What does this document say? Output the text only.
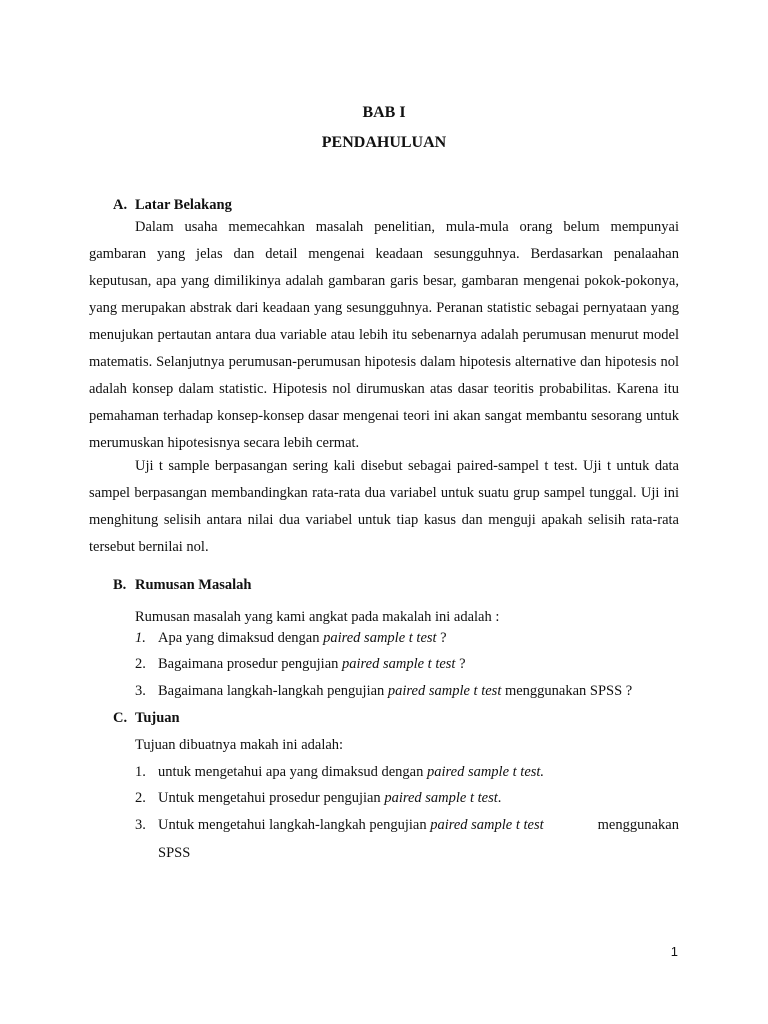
BAB I
PENDAHULUAN
A. Latar Belakang

Dalam usaha memecahkan masalah penelitian, mula-mula orang belum mempunyai gambaran yang jelas dan detail mengenai keadaan sesungguhnya. Berdasarkan penalaahan keputusan, apa yang dimilikinya adalah gambaran garis besar, gambaran mengenai pokok-pokonya, yang merupakan abstrak dari keadaan yang sesungguhnya. Peranan statistic sebagai pernyataan yang menujukan pertautan antara dua variable atau lebih itu sebenarnya adalah perumusan menurut model matematis. Selanjutnya perumusan-perumusan hipotesis dalam hipotesis alternative dan hipotesis nol adalah konsep dalam statistic. Hipotesis nol dirumuskan atas dasar teoritis probabilitas. Karena itu pemahaman terhadap konsep-konsep dasar mengenai teori ini akan sangat membantu sesorang untuk merumuskan hipotesisnya secara lebih cermat.

Uji t sample berpasangan sering kali disebut sebagai paired-sampel t test. Uji t untuk data sampel berpasangan membandingkan rata-rata dua variabel untuk suatu grup sampel tunggal. Uji ini menghitung selisih antara nilai dua variabel untuk tiap kasus dan menguji apakah selisih rata-rata tersebut bernilai nol.

B. Rumusan Masalah
Rumusan masalah yang kami angkat pada makalah ini adalah :
1. Apa yang dimaksud dengan paired sample t test ?
2. Bagaimana prosedur pengujian paired sample t test ?
3. Bagaimana langkah-langkah pengujian paired sample t test menggunakan SPSS ?
C. Tujuan
Tujuan dibuatnya makah ini adalah:
1. untuk mengetahui apa yang dimaksud dengan paired sample t test.
2. Untuk mengetahui prosedur pengujian paired sample t test.
3. Untuk mengetahui langkah-langkah pengujian paired sample t test	menggunakan
SPSS
1
